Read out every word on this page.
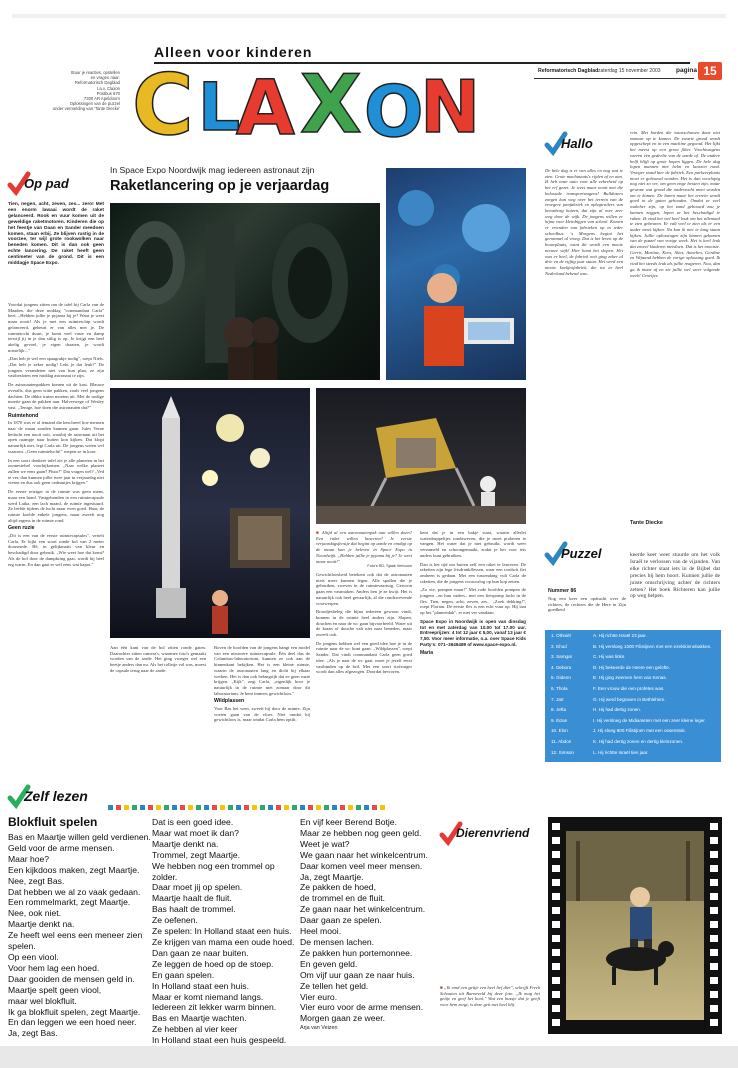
Alleen voor kinderen
C L
A X O
N
Stuur je reacties, opstellen
en vragen naar:
Reformatorisch Dagblad
t.a.v. Claxon
Postbus 670
7300 AR Apeldoorn
Oplossingen van de puzzel
onder vermelding van 'Tante Diecke'
Reformatorisch Dagblad zaterdag 15 november 2003 pagina 15
Op pad
In Space Expo Noordwijk mag iedereen astronaut zijn
Raketlancering op je verjaardag
Tien, negen, acht, zeven, zes... zero! Met een enorm lawaai wordt de raket gelanceerd. Rook en vuur komen uit de geweldige raketmotoren. Kinderen die op het feestje van Daan en Sander meedoen komen, staan erbij. Ze blijven rustig in de voorzee, ter wijl grote rookwolken naar beneden komen. Dit is dan ook geen echte lancering. De raket heeft geen centimeter van de grond. Dit is een middagje Space Expo.

Voordat jongens zitten om de tafel bij Carla van de Maaden, die deze middag "commandant Carla" heet. „Hebben jullie je pyjama bij je? Want je weet maar nooit! Als je met een ruimteschip wordt gelanceerd, gebeurt er van alles met je. De ruimtetocht duurt, je komt veel vaste en damp terwijl jij in je dan stilig is op. Je krijgt een heel akelig gevoel, je eigen draaien, je wordt misselijk..."

„Dan heb je wel een spaagrakje nodig", roept Niels. „Dat heb je zeker nodig! Lekt je dat leuk?" De jongens verandeten niet van hun plan, ze zijn vastbesloten een middag astronaut te zijn.

De astronautenpakken komen uit de kast. Blauwe overalls, dus geen witte pakken, zoals veel jongens dachten. De dikke truien moeten uit. Met de nodige moeite gaan de pakken aan. Halverwege of Wesley vast. „Tenige, hoe doen die astronauten dat?"

Ruimtehond

In 1870 was er al iemand die beschreef hoe mensen naar de maan zouden kunnen gaan. Jules Verne bedacht een nooit ooit, waarbij de astronaut uit het open raampje naar buiten kon kijken. Dat klopt natuurlijk niet, legt Carla uit. De jongens weten wel waarom. „Geen ruimtelucht!" roepen ze in koor.

In een soort donkere tafel zie je alle planeten in het zonnestelsel voorbijkomen. „Naar welke planeet zullen we eens gaan? Pluto?" Dat vragen wel? „Ved te ver, dan kunnen jullie twee jaar in verjaardag niet vieren en dus ook geen cadeautjes krijgen."

De eerste reiziger in de ruimte was geen mens, maar een hond. Vastgebonden in een ruimtecapsule werd Laika, een lach maanl, de ruimte ingestuurd. Ze leefde tijdens de lucht maar even goed. Haar, de ruimte koelde enkele jongens, maar zweeft nog altijd ergens in de ruimte rond.

Geen ruzie

„Dit is een van de eerste ruimtecapsules", vertelt Carla. Er kijkt een soort ronde bol van 2 meter doorsnede. Hé, in gelijkmatis van kleur en beschadigd door gebruik. „Wie weet hoe dat komt? Als de bol door de dampkring gaat, wordt hij heel erg warm. En dan gaat er wel eens wat kapot."

■ Altijd al een astronautenpak aan willen doen? Een raket willen lanceren? Je eerste verjaardagsfeestje dat begint op aarde en eindigt op de maan kan je beleven in Space Expo in Noordwijk. „Hebben jullie je pyjama bij je? Je weet maar nooit!"
Foto's RD, Sjaak Verboom

Aan één kant van de bol zitten ronde gaten. Daarachter zitten camera's, waarmee foto's gemaakt worden van de aarde. Het ging vroeger wel een beetje anders dan nu. Als het rolletje vol was, moest de capsule terug naar de aarde.

Boven de hoofden van de jongens hangt een model van een nieuwere ruimtecapsule. Één deel dus de Columbus-laboratorium, kunnen ze ook aan de binnenkant bekijken. Het is een kleine ruimte, waarin de astronauten lang en dicht bij elkaar werken. Het is dan ook belangrijk dat ze geen ruzie krijgen. „Kijk", zegt Carla, „eigenlijk hoor je natuurlijk in de ruimte niet zomaar door dit laboratorium. Je bent immers gewichtloos."

Wildplassen

Voor Bas het weet, zweeft hij door de ruimte. Zijn voeten gaan van de vloer. Niet omdat hij gewichtloos is, maar omdat Carla hem optilt.

Gewichtloosheid betekent ook dat de astronauten niets meer kunnen legen. Alle spullen die je gebruiken, zweven in de ruimtevaartuig. Gewoon gaan een vastmaken. Anders ben je ze kwijt. Het is natuurlijk ook heel gevaarlijk, al die rondzwevende voorwerpen.

Broodjesbeleg die bijna iedereen gewoon vindt, kunnen in de ruimte heel anders zijn. Slapen, douchen en naar de wc gaan bijvoorbeeld. Water uit de kraan of douche valt niet naar beneden, maar zweeft ook.

De jongens hebben wel een goed idee hoe je in de ruimte naar de wc kunt gaan. „Wildplassen", roept Sander. Dat vindt commandant Carla geen goed idee. „Als je naar de wc gaat, moet je jezelf eerst vastbinden op de bril. Met een soort stofzuiger wordt dan alles afgezogen. Doordat bevroren.

kent dat je in een bakje staat, waarin allerlei waterdruppeltjes rondzweven, die je moet proberen te vangen. Het water dat je niet gebruikt, wordt weer verzameld en schoongemaakt, zodat je het voor iets anders kunt gebruiken.

Dan is het tijd om buiten zelf een raket te lanceren. De raketten zijn lege frisdrankflessen, waar een roodwit fiet omheen is gedaan. Met een tussendang vult Carla de raketten, die de jongens vooroorlog op hun kop zetten.

„Zo vie, pompen maar!" Met rode hoofden pompen de jongens –en hun vaders– met een fietspomp lucht in de fles. Tien, negen, acht, zeven, zes... „Zoek dekking!", roept Florian. De eerste fles is een echt vuur op. Hij laat op het "planeetdak", er niet ver vandaan.

Space Expo in Noordwijk is open van dinsdag tot en met zaterdag van 10.00 tot 17.00 uur. Entreeprijzen: 4 tot 12 jaar € 5,00, vanaf 13 jaar € 7,50. Voor meer informatie, o.a. over Space Kids Party's: 071–3646489 of www.space-expo.nl.
Maria
Hallo
De hele dag is er van alles en nog wat te zien. Grote machinaats's rijden af en aan. Ik heb onze auto voor alle zekerheid op het erf gezet. Je weet maar nooit met die kolossale transportwagens! Bulldozers zorgen kun weg over het terrein van de vroegere jamfabriek en oplegtrailers van betonborg huizen, dat zijn al over zeer weg door de wijk. De jongens willen er bijna voor kleinbijgen van school. Komen er vrienden van fabrieken op in ieder schoolbus. ‘s Morgens begint het gerommel al vroeg. Dat is het leven op de bouwplaats, want dit wordt een mooie nieuwe wijk! Hier komt het slopen. Het was er heel, de fabriek ooit ging zeker al drie en de vijftig jaar staan. Het werd een mooie koekjesfabriek, die tot in heel Nederland bekend was.
rein. Met borden die waarschuwen daar niet zomaar op te komen. De zwarte grond wordt opgeschept en in een machine gegooid. Het lijkt het meest op een groot filter. Vrachtwagens voeren een gedeelte van de aarde af. De andere helft blijft op grote hopen liggen. De hele dag lopen mannen met helm en laarzen rond. Vroeger stond hier de fabriek. Een parkeerplaats moet er gebouwd worden. Het is dan voorlopig nog niet zo ver, om geen enge bessen zijn, maar gewone wat grond die onderzocht moet worden om te komen. De buren maar het terrein wordt goed in de gaten gehouden. Omdat ze veel wakeher zijn, op het zand gebouwd zou je kunnen zeggen, lopen ze het beschadigd te raken. Ik vind het wel heel leuk om het allemaal te zien gebeuren. Er valt veel te zien als er een ander moet kijken. Na kan ik niet te lang staan kijken. Jullie oplossingen zijn binnen gekomen van de puzzel van vorige week. Het is heel leuk dat zoveel kinderen meedoen. Dat is het mooiste. Gerrit, Martine, Kees, Alies, Annelies, Gerdine en Wijnand hebben de vorige oplossing goed. Ik vind het steeds leuk als jullie reageren. Nou, dan ga ik maar af en zie jullie wel weer volgende week! Groetjes.
Tante Diecke
Puzzel
Nummer 86
Nog een keer een opdracht over de richters, de rechters die de Here in Zijn goedheid
keerde keer weer stuurde om het volk Israël te verlossen van de vijanden. Van elke richter staat iets in de Bijbel dat precies bij hem hoort. Kunnen jullie de juiste omschrijving achter de richters zetten? Het boek Richteren kan jullie op weg helpen.
1. Othniël	A. Hij richtte Israël 23 jaar.
2. Ehud	B. Hij versloeg 1000 Filistijnen met een ezelskinnebakken.
3. Samgar	C. Hij was links.
4. Debora	D. Hij bekeerde de Heere een gelofte.
5. Gideon	E. Hij ging zwemen hem van Kenas.
6. Thola	F. Een vrouw die een profetes was.
7. Jaïr	G. Hij werd begraven in Bethlehem.
8. Jefta	H. Hij had dertig zonen.
9. Ibzan	I. Hij versloeg de Midianieten met een zeer kleine leger.
10. Elon	J. Hij sloeg 600 Filistijnen met een ossenstok.
11. Abdon	K. Hij had dertig zonen en dertig kleinzonen.
12. Simson	L. Hij richtte Israël tien jaar.
Zelf lezen
Blokfluit spelen
Bas en Maartje willen geld verdienen.
Geld voor de arme mensen.
Maar hoe?
Een kijkdoos maken, zegt Maartje.
Nee, zegt Bas.
Dat hebben we al zo vaak gedaan.
Een rommelmarkt, zegt Maartje.
Nee, ook niet.
Maartje denkt na.
Ze heeft wel eens een meneer zien
spelen.
Op een viool.
Voor hem lag een hoed.
Daar gooiden de mensen geld in.
Maartje spelt geen viool,
maar wel blokfluit.
Ik ga blokfluit spelen, zegt Maartje.
En dan leggen we een hoed neer.
Ja, zegt Bas.
Dat is een goed idee.
Maar wat moet ik dan?
Maartje denkt na.
Trommel, zegt Maartje.
We hebben nog een trommel op zolder.
Daar moet jij op spelen.
Maartje haalt de fluit.
Bas haalt de trommel.
Ze oefenen.
Ze spelen: In Holland staat een huis.
Ze krijgen van mama een oude hoed.
Dan gaan ze naar buiten.
Ze leggen de hoed op de stoep.
En gaan spelen.
In Holland staat een huis.
Maar er komt niemand langs.
Iedereen zit lekker warm binnen.
Bas en Maartje wachten.
Ze hebben al vier keer
In Holland staat een huis gespeeld.
En vijf keer Berend Botje.
Maar ze hebben nog geen geld.
Weet je wat?
We gaan naar het winkelcentrum.
Daar komen veel meer mensen.
Ja, zegt Maartje.
Ze pakken de hoed,
de trommel en de fluit.
Ze gaan naar het winkelcentrum.
Daar gaan ze spelen.
Heel mooi.
De mensen lachen.
Ze pakken hun portemonnee.
En geven geld.
Om vijf uur gaan ze naar huis.
Ze tellen het geld.
Vier euro.
Vier euro voor de arme mensen.
Morgen gaan ze weer.
Arja van Veizen
Dierenvriend
■ „Ik vind een geitje een heel lief dier", schrijft Freek Schouten uit Barneveld bij deze foto. „Ik mag het geitje en geef het hooi." Wat een bussje dat je geeft voor hem zorgt, is deze geit met heel blij.
